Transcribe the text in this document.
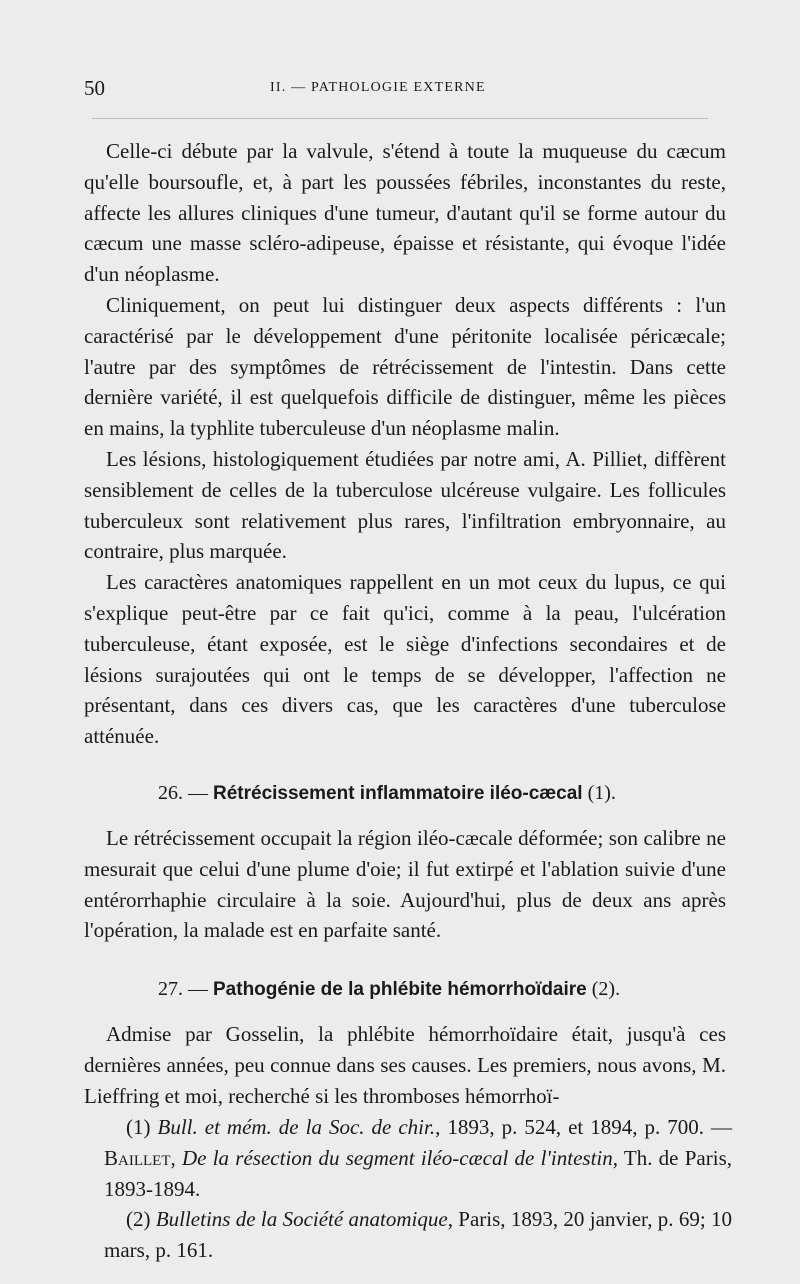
50	II. — PATHOLOGIE EXTERNE

Celle-ci débute par la valvule, s'étend à toute la muqueuse du cæcum qu'elle boursoufle, et, à part les poussées fébriles, inconstantes du reste, affecte les allures cliniques d'une tumeur, d'autant qu'il se forme autour du cæcum une masse scléro-adipeuse, épaisse et résistante, qui évoque l'idée d'un néoplasme.

Cliniquement, on peut lui distinguer deux aspects différents : l'un caractérisé par le développement d'une péritonite localisée péricæcale; l'autre par des symptômes de rétrécissement de l'intestin. Dans cette dernière variété, il est quelquefois difficile de distinguer, même les pièces en mains, la typhlite tuberculeuse d'un néoplasme malin.

Les lésions, histologiquement étudiées par notre ami, A. Pilliet, diffèrent sensiblement de celles de la tuberculose ulcéreuse vulgaire. Les follicules tuberculeux sont relativement plus rares, l'infiltration embryonnaire, au contraire, plus marquée.

Les caractères anatomiques rappellent en un mot ceux du lupus, ce qui s'explique peut-être par ce fait qu'ici, comme à la peau, l'ulcération tuberculeuse, étant exposée, est le siège d'infections secondaires et de lésions surajoutées qui ont le temps de se développer, l'affection ne présentant, dans ces divers cas, que les caractères d'une tuberculose atténuée.

26. — Rétrécissement inflammatoire iléo-cæcal (1).

Le rétrécissement occupait la région iléo-cæcale déformée; son calibre ne mesurait que celui d'une plume d'oie; il fut extirpé et l'ablation suivie d'une entérorrhaphie circulaire à la soie. Aujourd'hui, plus de deux ans après l'opération, la malade est en parfaite santé.

27. — Pathogénie de la phlébite hémorrhoïdaire (2).

Admise par Gosselin, la phlébite hémorrhoïdaire était, jusqu'à ces dernières années, peu connue dans ses causes. Les premiers, nous avons, M. Lieffring et moi, recherché si les thromboses hémorrhoï-

(1) Bull. et mém. de la Soc. de chir., 1893, p. 524, et 1894, p. 700. — Baillet, De la résection du segment iléo-cæcal de l'intestin, Th. de Paris, 1893-1894.

(2) Bulletins de la Société anatomique, Paris, 1893, 20 janvier, p. 69; 10 mars, p. 161.
